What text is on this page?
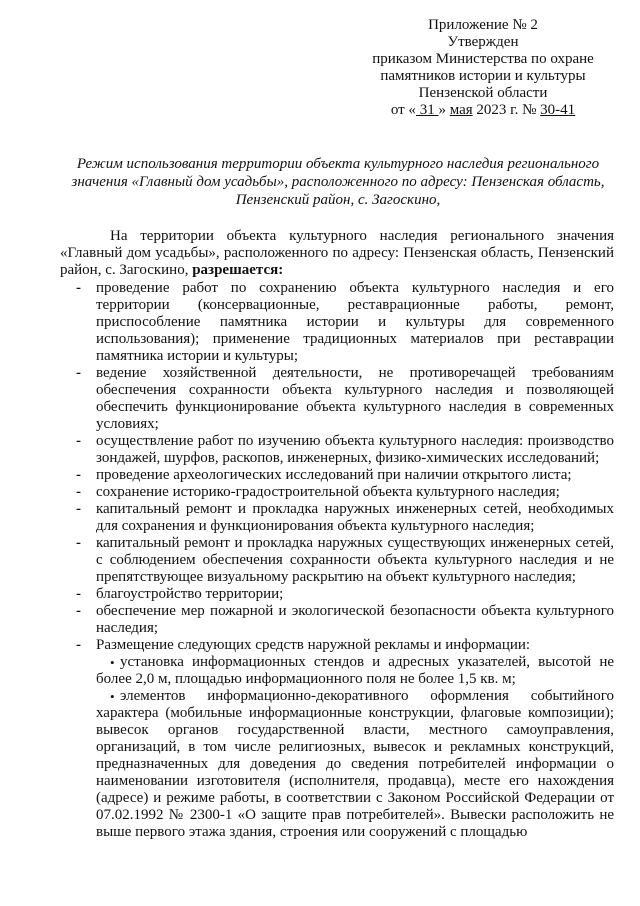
Приложение № 2
Утвержден
приказом Министерства по охране
памятников истории и культуры
Пензенской области
от « 31 » мая 2023 г. № 30-41
Режим использования территории объекта культурного наследия регионального значения «Главный дом усадьбы», расположенного по адресу: Пензенская область, Пензенский район, с. Загоскино,
На территории объекта культурного наследия регионального значения «Главный дом усадьбы», расположенного по адресу: Пензенская область, Пензенский район, с. Загоскино, разрешается:
- проведение работ по сохранению объекта культурного наследия и его территории (консервационные, реставрационные работы, ремонт, приспособление памятника истории и культуры для современного использования); применение традиционных материалов при реставрации памятника истории и культуры;
- ведение хозяйственной деятельности, не противоречащей требованиям обеспечения сохранности объекта культурного наследия и позволяющей обеспечить функционирование объекта культурного наследия в современных условиях;
- осуществление работ по изучению объекта культурного наследия: производство зондажей, шурфов, раскопов, инженерных, физико-химических исследований;
- проведение археологических исследований при наличии открытого листа;
- сохранение историко-градостроительной объекта культурного наследия;
- капитальный ремонт и прокладка наружных инженерных сетей, необходимых для сохранения и функционирования объекта культурного наследия;
- капитальный ремонт и прокладка наружных существующих инженерных сетей, с соблюдением обеспечения сохранности объекта культурного наследия и не препятствующее визуальному раскрытию на объект культурного наследия;
- благоустройство территории;
- обеспечение мер пожарной и экологической безопасности объекта культурного наследия;
- Размещение следующих средств наружной рекламы и информации:
• установка информационных стендов и адресных указателей, высотой не более 2,0 м, площадью информационного поля не более 1,5 кв. м;
• элементов информационно-декоративного оформления событийного характера (мобильные информационные конструкции, флаговые композиции); вывесок органов государственной власти, местного самоуправления, организаций, в том числе религиозных, вывесок и рекламных конструкций, предназначенных для доведения до сведения потребителей информации о наименовании изготовителя (исполнителя, продавца), месте его нахождения (адресе) и режиме работы, в соответствии с Законом Российской Федерации от 07.02.1992 № 2300-1 «О защите прав потребителей». Вывески расположить не выше первого этажа здания, строения или сооружений с площадью
